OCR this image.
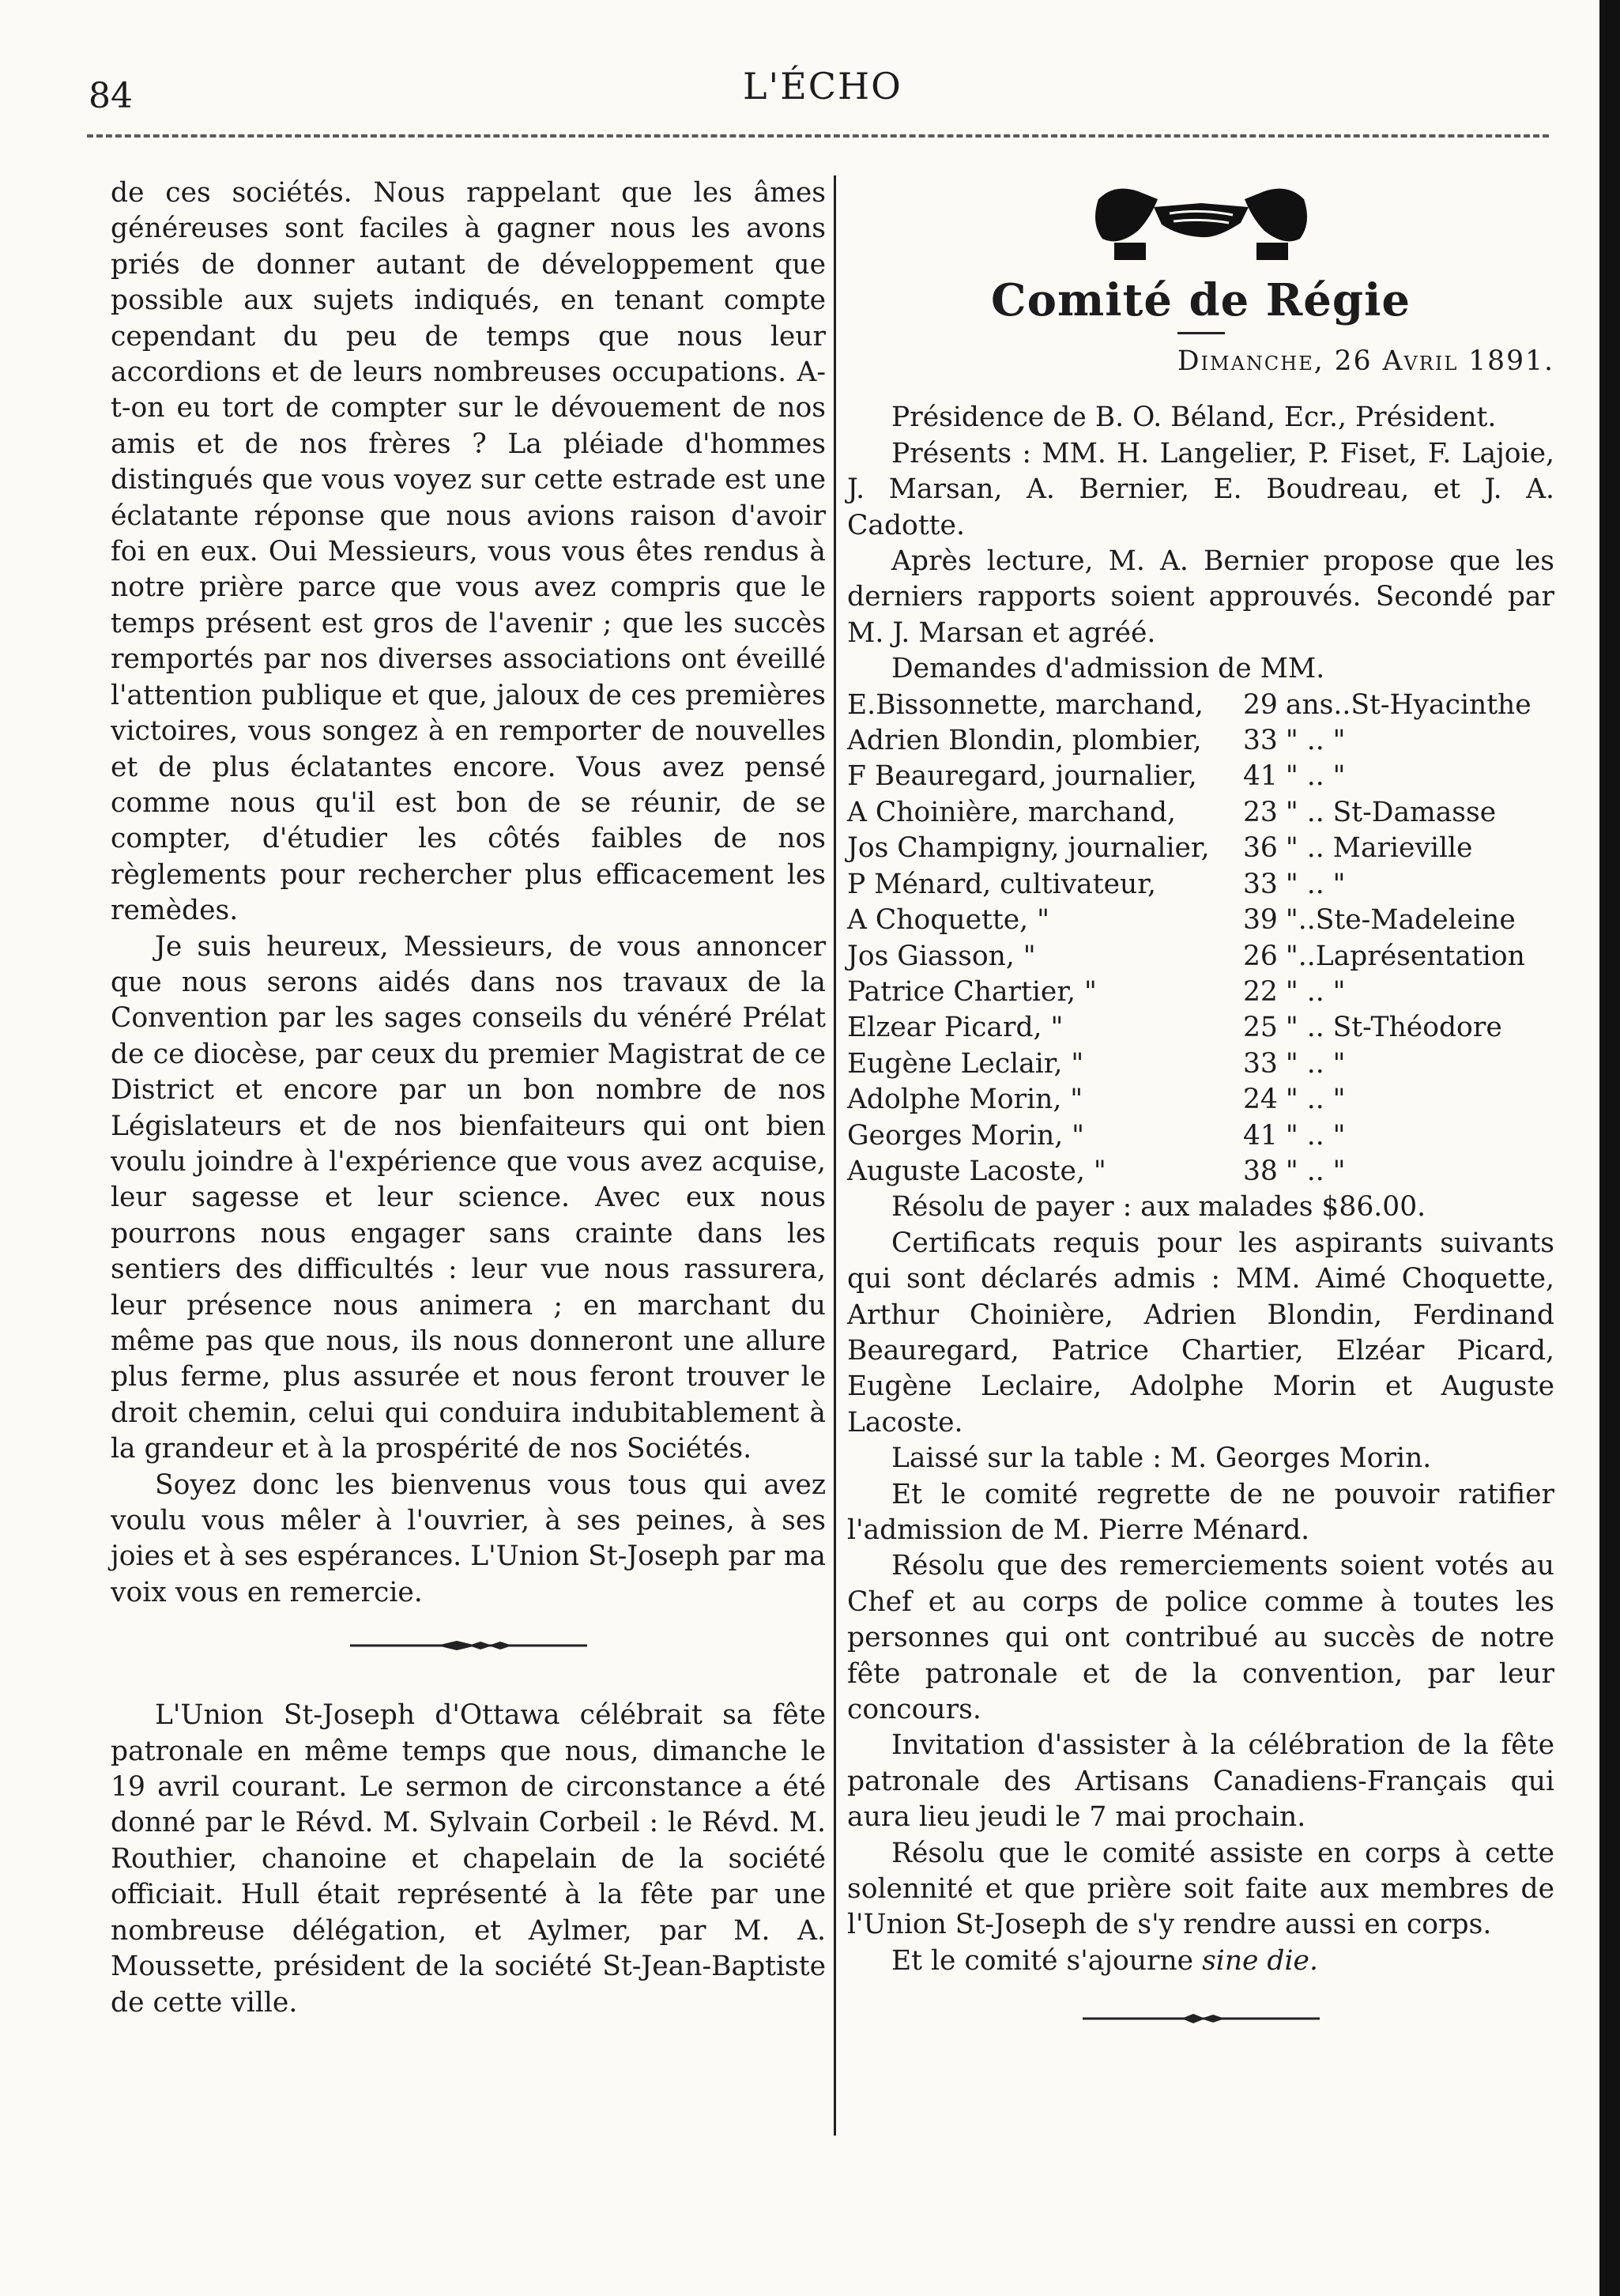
84	L'ÉCHO

de ces sociétés. Nous rappelant que les âmes généreuses sont faciles à gagner nous les avons priés de donner autant de développement que possible aux sujets indiqués, en tenant compte cependant du peu de temps que nous leur accordions et de leurs nombreuses occupations. A-t-on eu tort de compter sur le dévouement de nos amis et de nos frères ? La pléiade d'hommes distingués que vous voyez sur cette estrade est une éclatante réponse que nous avions raison d'avoir foi en eux. Oui Messieurs, vous vous êtes rendus à notre prière parce que vous avez compris que le temps présent est gros de l'avenir ; que les succès remportés par nos diverses associations ont éveillé l'attention publique et que, jaloux de ces premières victoires, vous songez à en remporter de nouvelles et de plus éclatantes encore. Vous avez pensé comme nous qu'il est bon de se réunir, de se compter, d'étudier les côtés faibles de nos règlements pour rechercher plus efficacement les remèdes.

Je suis heureux, Messieurs, de vous annoncer que nous serons aidés dans nos travaux de la Convention par les sages conseils du vénéré Prélat de ce diocèse, par ceux du premier Magistrat de ce District et encore par un bon nombre de nos Législateurs et de nos bienfaiteurs qui ont bien voulu joindre à l'expérience que vous avez acquise, leur sagesse et leur science. Avec eux nous pourrons nous engager sans crainte dans les sentiers des difficultés : leur vue nous rassurera, leur présence nous animera ; en marchant du même pas que nous, ils nous donneront une allure plus ferme, plus assurée et nous feront trouver le droit chemin, celui qui conduira indubitablement à la grandeur et à la prospérité de nos Sociétés.

Soyez donc les bienvenus vous tous qui avez voulu vous mêler à l'ouvrier, à ses peines, à ses joies et à ses espérances. L'Union St-Joseph par ma voix vous en remercie.

L'Union St-Joseph d'Ottawa célébrait sa fête patronale en même temps que nous, dimanche le 19 avril courant. Le sermon de circonstance a été donné par le Révd. M. Sylvain Corbeil : le Révd. M. Routhier, chanoine et chapelain de la société officiait. Hull était représenté à la fête par une nombreuse délégation, et Aylmer, par M. A. Moussette, président de la société St-Jean-Baptiste de cette ville.

Comité de Régie

Dimanche, 26 Avril 1891.

Présidence de B. O. Béland, Ecr., Président.

Présents : MM. H. Langelier, P. Fiset, F. Lajoie, J. Marsan, A. Bernier, E. Boudreau, et J. A. Cadotte.

Après lecture, M. A. Bernier propose que les derniers rapports soient approuvés. Secondé par M. J. Marsan et agréé.

Demandes d'admission de MM.

E.Bissonnette, marchand,	29	ans..St-Hyacinthe
Adrien Blondin, plombier,	33	" .. "
F Beauregard, journalier,	41	" .. "
A Choinière, marchand,	23	" .. St-Damasse
Jos Champigny, journalier,	36	" .. Marieville
P Ménard, cultivateur,	33	" .. "
A Choquette, "	39	"..Ste-Madeleine
Jos Giasson, "	26	"..Laprésentation
Patrice Chartier, "	22	" .. "
Elzear Picard, "	25	" .. St-Théodore
Eugène Leclair, "	33	" .. "
Adolphe Morin, "	24	" .. "
Georges Morin, "	41	" .. "
Auguste Lacoste, "	38	" .. "

Résolu de payer : aux malades $86.00.

Certificats requis pour les aspirants suivants qui sont déclarés admis : MM. Aimé Choquette, Arthur Choinière, Adrien Blondin, Ferdinand Beauregard, Patrice Chartier, Elzéar Picard, Eugène Leclaire, Adolphe Morin et Auguste Lacoste.

Laissé sur la table : M. Georges Morin.

Et le comité regrette de ne pouvoir ratifier l'admission de M. Pierre Ménard.

Résolu que des remerciements soient votés au Chef et au corps de police comme à toutes les personnes qui ont contribué au succès de notre fête patronale et de la convention, par leur concours.

Invitation d'assister à la célébration de la fête patronale des Artisans Canadiens-Français qui aura lieu jeudi le 7 mai prochain.

Résolu que le comité assiste en corps à cette solennité et que prière soit faite aux membres de l'Union St-Joseph de s'y rendre aussi en corps.

Et le comité s'ajourne sine die.
